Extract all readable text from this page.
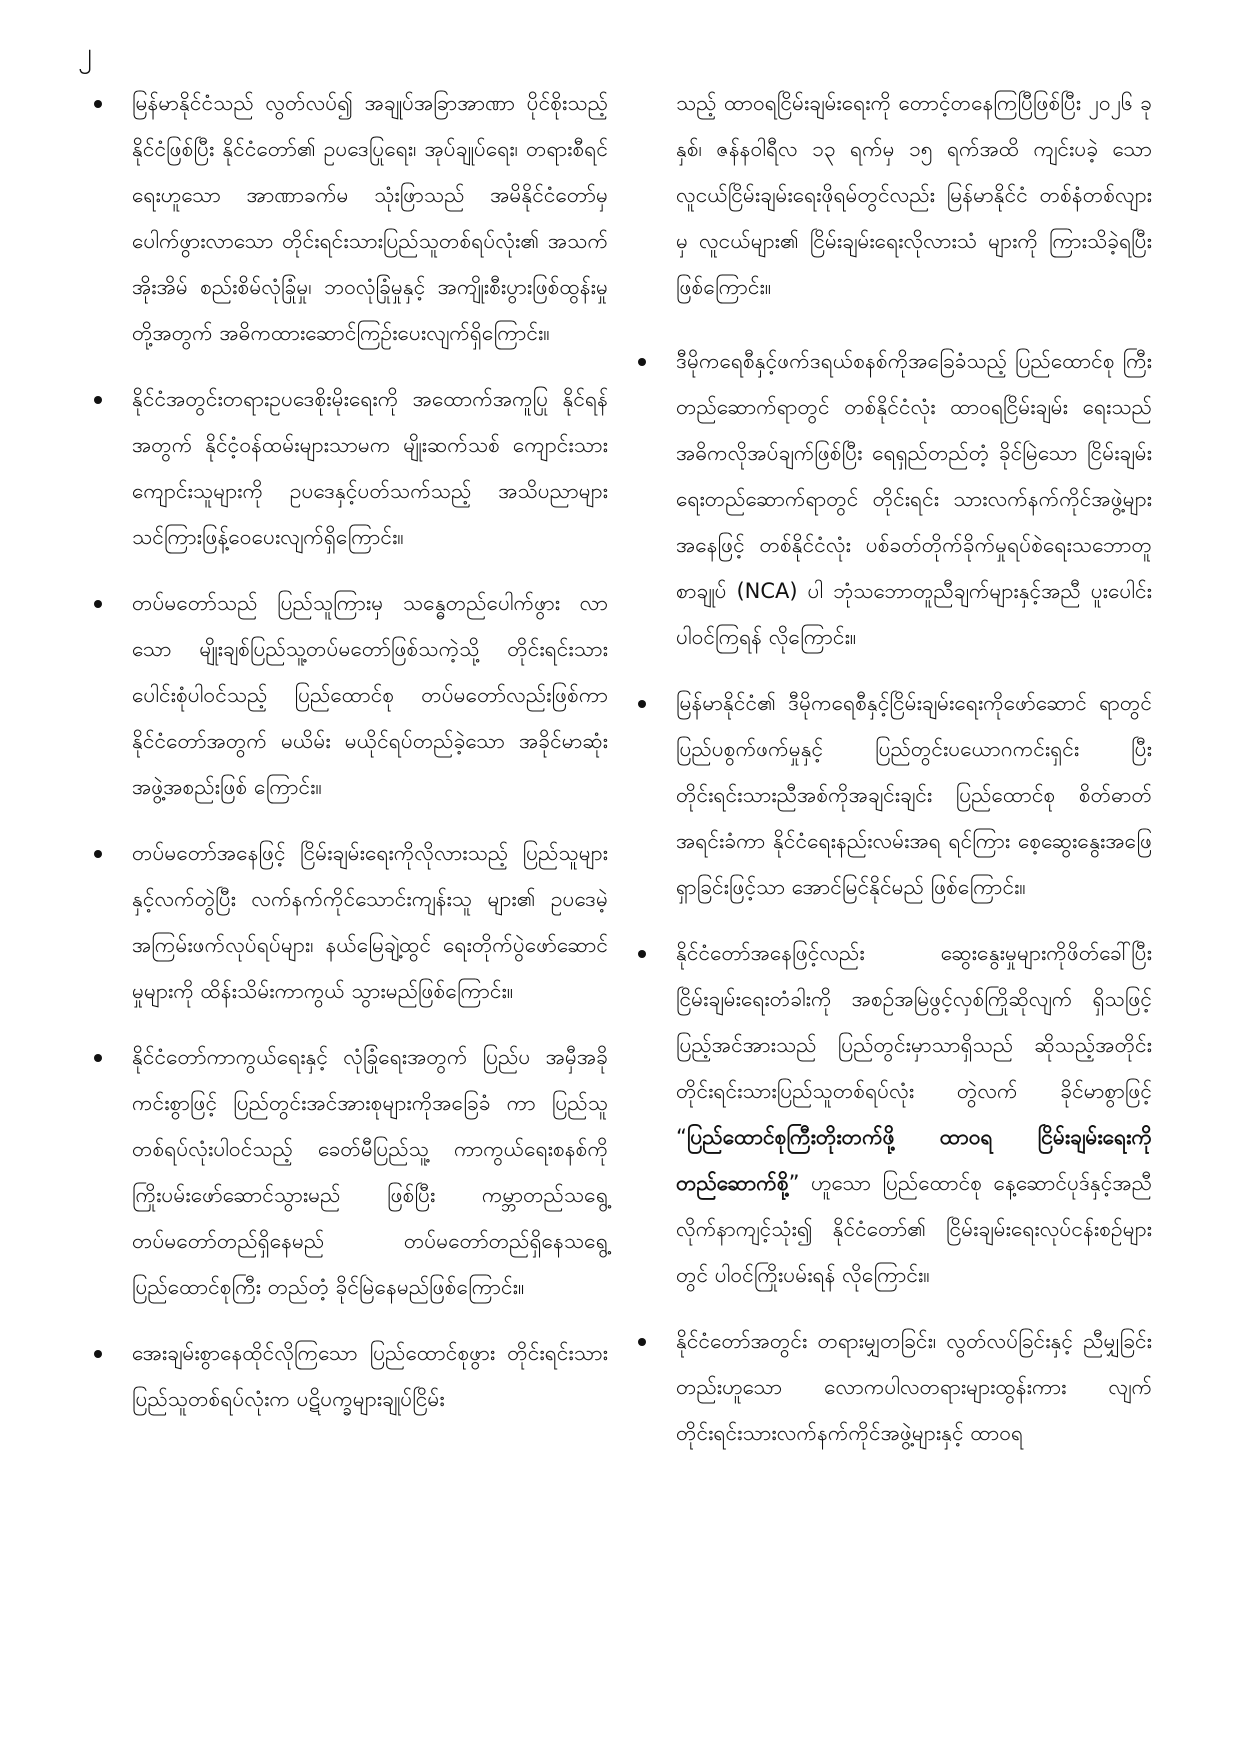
၂
မြန်မာနိုင်ငံသည် လွတ်လပ်၍ အချုပ်အခြာအာဏာ ပိုင်စိုးသည့်နိုင်ငံဖြစ်ပြီး နိုင်ငံတော်၏ ဥပဒေပြုရေး၊ အုပ်ချုပ်ရေး၊ တရားစီရင်ရေးဟူသော အာဏာခက်မ သုံးဖြာသည် အမိနိုင်ငံတော်မှ ပေါက်ဖွားလာသော တိုင်းရင်းသားပြည်သူတစ်ရပ်လုံး၏ အသက်အိုးအိမ် စည်းစိမ်လုံခြုံမှု၊ ဘဝလုံခြုံမှုနှင့် အကျိုးစီးပွားဖြစ်ထွန်းမှု တို့အတွက် အဓိကထားဆောင်ကြဉ်းပေးလျက်ရှိကြောင်း။
နိုင်ငံအတွင်းတရားဥပဒေစိုးမိုးရေးကို အထောက်အကူပြု နိုင်ရန်အတွက် နိုင်ငံ့ဝန်ထမ်းများသာမက မျိုးဆက်သစ် ကျောင်းသားကျောင်းသူများကို ဥပဒေနှင့်ပတ်သက်သည့် အသိပညာများ သင်ကြားဖြန့်ဝေပေးလျက်ရှိကြောင်း။
တပ်မတော်သည် ပြည်သူကြားမှ သန္ဓေတည်ပေါက်ဖွား လာသော မျိုးချစ်ပြည်သူ့တပ်မတော်ဖြစ်သကဲ့သို့ တိုင်းရင်းသားပေါင်းစုံပါဝင်သည့် ပြည်ထောင်စု တပ်မတော်လည်းဖြစ်ကာ နိုင်ငံတော်အတွက် မယိမ်း မယိုင်ရပ်တည်ခဲ့သော အခိုင်မာဆုံးအဖွဲ့အစည်းဖြစ် ကြောင်း။
တပ်မတော်အနေဖြင့် ငြိမ်းချမ်းရေးကိုလိုလားသည့် ပြည်သူများနှင့်လက်တွဲပြီး လက်နက်ကိုင်သောင်းကျန်းသူ များ၏ ဥပဒေမဲ့အကြမ်းဖက်လုပ်ရပ်များ၊ နယ်မြေချဲ့ထွင် ရေးတိုက်ပွဲဖော်ဆောင်မှုများကို ထိန်းသိမ်းကာကွယ် သွားမည်ဖြစ်ကြောင်း။
နိုင်ငံတော်ကာကွယ်ရေးနှင့် လုံခြုံရေးအတွက် ပြည်ပ အမှီအခိုကင်းစွာဖြင့် ပြည်တွင်းအင်အားစုများကိုအခြေခံ ကာ ပြည်သူတစ်ရပ်လုံးပါဝင်သည့် ခေတ်မီပြည်သူ့ ကာကွယ်ရေးစနစ်ကို ကြိုးပမ်းဖော်ဆောင်သွားမည် ဖြစ်ပြီး ကမ္ဘာတည်သရွေ့ တပ်မတော်တည်ရှိနေမည် တပ်မတော်တည်ရှိနေသရွေ့ ပြည်ထောင်စုကြီး တည်တံ့ ခိုင်မြဲနေမည်ဖြစ်ကြောင်း။
အေးချမ်းစွာနေထိုင်လိုကြသော ပြည်ထောင်စုဖွား တိုင်းရင်းသားပြည်သူတစ်ရပ်လုံးက ပဋိပက္ခများချုပ်ငြိမ်း
သည့် ထာဝရငြိမ်းချမ်းရေးကို တောင့်တနေကြပြီဖြစ်ပြီး ၂၀၂၆ ခုနှစ်၊ ဇန်နဝါရီလ ၁၃ ရက်မှ ၁၅ ရက်အထိ ကျင်းပခဲ့ သော လူငယ်ငြိမ်းချမ်းရေးဖိုရမ်တွင်လည်း မြန်မာနိုင်ငံ တစ်နံတစ်လျားမှ လူငယ်များ၏ ငြိမ်းချမ်းရေးလိုလားသံ များကို ကြားသိခဲ့ရပြီးဖြစ်ကြောင်း။
ဒီမိုကရေစီနှင့်ဖက်ဒရယ်စနစ်ကိုအခြေခံသည့် ပြည်ထောင်စု ကြီးတည်ဆောက်ရာတွင် တစ်နိုင်ငံလုံး ထာဝရငြိမ်းချမ်း ရေးသည် အဓိကလိုအပ်ချက်ဖြစ်ပြီး ရေရှည်တည်တံ့ ခိုင်မြဲသော ငြိမ်းချမ်းရေးတည်ဆောက်ရာတွင် တိုင်းရင်း သားလက်နက်ကိုင်အဖွဲ့များအနေဖြင့် တစ်နိုင်ငံလုံး ပစ်ခတ်တိုက်ခိုက်မှုရပ်စဲရေးသဘောတူစာချုပ် (NCA) ပါ ဘုံသဘောတူညီချက်များနှင့်အညီ ပူးပေါင်းပါဝင်ကြရန် လိုကြောင်း။
မြန်မာနိုင်ငံ၏ ဒီမိုကရေစီနှင့်ငြိမ်းချမ်းရေးကိုဖော်ဆောင် ရာတွင် ပြည်ပစွက်ဖက်မှုနှင့် ပြည်တွင်းပယောဂကင်းရှင်း ပြီး တိုင်းရင်းသားညီအစ်ကိုအချင်းချင်း ပြည်ထောင်စု စိတ်ဓာတ်အရင်းခံကာ နိုင်ငံရေးနည်းလမ်းအရ ရင်ကြား စေ့ဆွေးနွေးအဖြေရှာခြင်းဖြင့်သာ အောင်မြင်နိုင်မည် ဖြစ်ကြောင်း။
နိုင်ငံတော်အနေဖြင့်လည်း ဆွေးနွေးမှုများကိုဖိတ်ခေါ်ပြီး ငြိမ်းချမ်းရေးတံခါးကို အစဉ်အမြဲဖွင့်လှစ်ကြိုဆိုလျက် ရှိသဖြင့် ပြည့်အင်အားသည် ပြည်တွင်းမှာသာရှိသည် ဆိုသည့်အတိုင်း တိုင်းရင်းသားပြည်သူတစ်ရပ်လုံး တွဲလက် ခိုင်မာစွာဖြင့် “ပြည်ထောင်စုကြီးတိုးတက်ဖို့ ထာဝရ ငြိမ်းချမ်းရေးကို တည်ဆောက်စို့” ဟူသော ပြည်ထောင်စု နေ့ဆောင်ပုဒ်နှင့်အညီ လိုက်နာကျင့်သုံး၍ နိုင်ငံတော်၏ ငြိမ်းချမ်းရေးလုပ်ငန်းစဉ်များတွင် ပါဝင်ကြိုးပမ်းရန် လိုကြောင်း။
နိုင်ငံတော်အတွင်း တရားမျှတခြင်း၊ လွတ်လပ်ခြင်းနှင့် ညီမျှခြင်းတည်းဟူသော လောကပါလတရားများထွန်းကား လျက် တိုင်းရင်းသားလက်နက်ကိုင်အဖွဲ့များနှင့် ထာဝရ
